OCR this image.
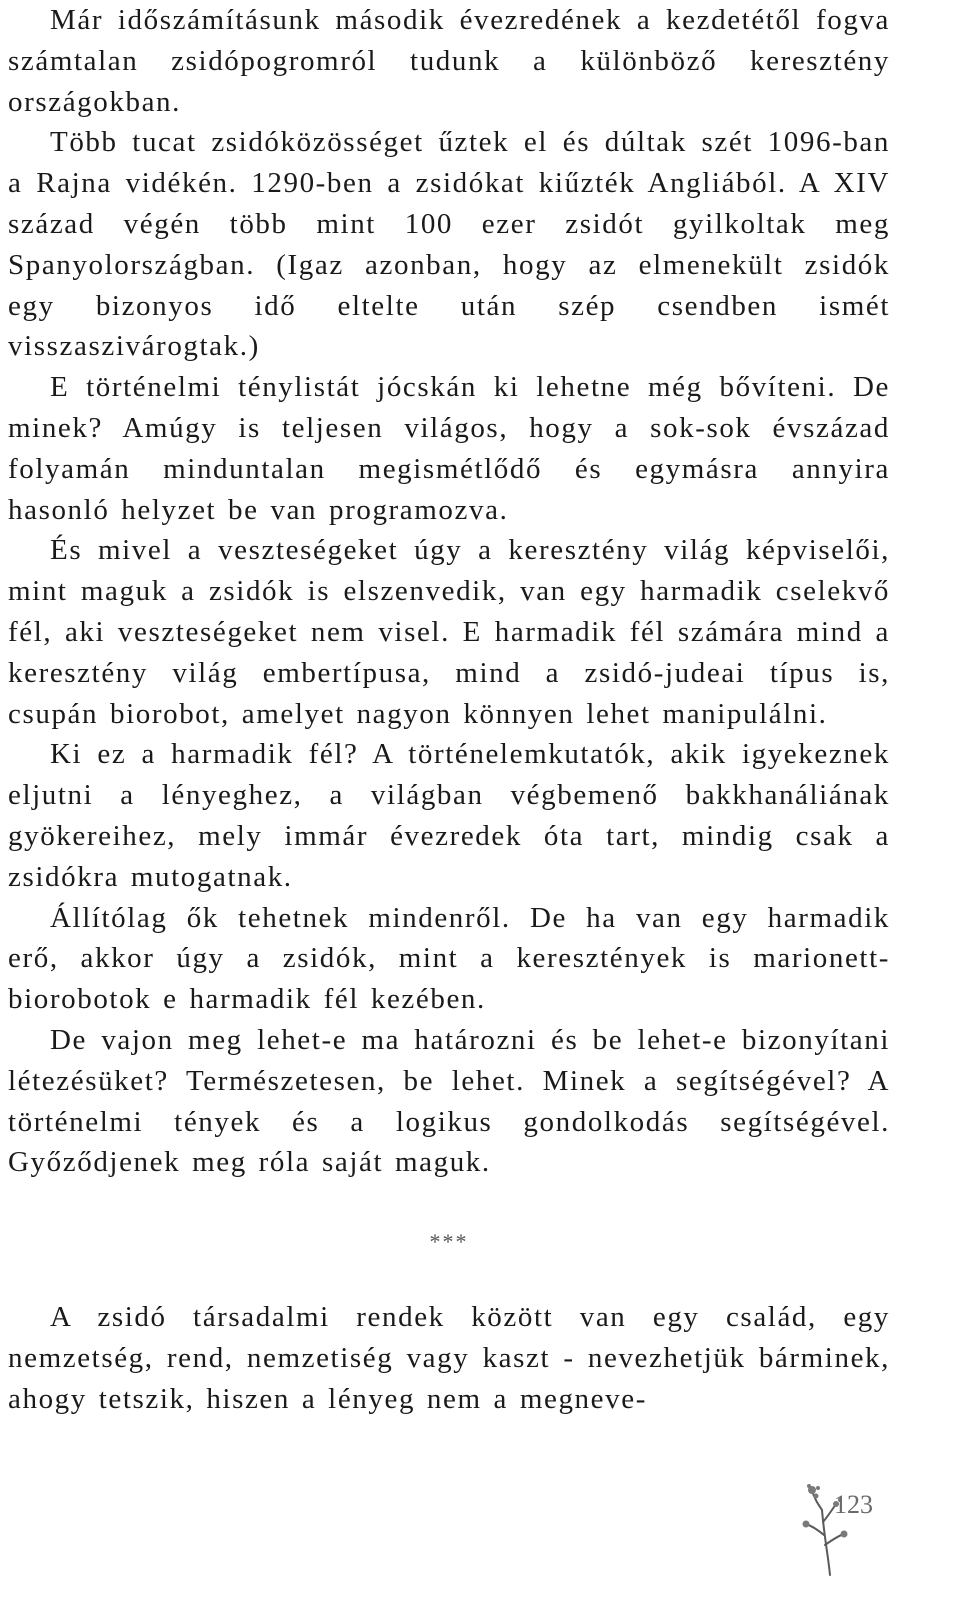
Már időszámításunk második évezredének a kezdetétől fogva számtalan zsidópogromról tudunk a különböző keresztény országokban.

Több tucat zsidóközösséget űztek el és dúltak szét 1096-ban a Rajna vidékén. 1290-ben a zsidókat kiűzték Angliából. A XIV század végén több mint 100 ezer zsidót gyilkoltak meg Spanyolországban. (Igaz azonban, hogy az elmenekült zsidók egy bizonyos idő eltelte után szép csendben ismét visszaszivárogtak.)

E történelmi ténylistát jócskán ki lehetne még bővíteni. De minek? Amúgy is teljesen világos, hogy a sok-sok évszázad folyamán minduntalan megismétlődő és egymásra annyira hasonló helyzet be van programozva.

És mivel a veszteségeket úgy a keresztény világ képviselői, mint maguk a zsidók is elszenvedik, van egy harmadik cselekvő fél, aki veszteségeket nem visel. E harmadik fél számára mind a keresztény világ embertípusa, mind a zsidó-judeai típus is, csupán biorobot, amelyet nagyon könnyen lehet manipulálni.

Ki ez a harmadik fél? A történelemkutatók, akik igyekeznek eljutni a lényeghez, a világban végbemenő bakkhanáliának gyökereihez, mely immár évezredek óta tart, mindig csak a zsidókra mutogatnak.

Állítólag ők tehetnek mindenről. De ha van egy harmadik erő, akkor úgy a zsidók, mint a keresztények is marionett-biorobotok e harmadik fél kezében.

De vajon meg lehet-e ma határozni és be lehet-e bizonyítani létezésüket? Természetesen, be lehet. Minek a segítségével? A történelmi tények és a logikus gondolkodás segítségével. Győződjenek meg róla saját maguk.

***

A zsidó társadalmi rendek között van egy család, egy nemzetség, rend, nemzetiség vagy kaszt - nevezhetjük bárminek, ahogy tetszik, hiszen a lényeg nem a megneve-

123
